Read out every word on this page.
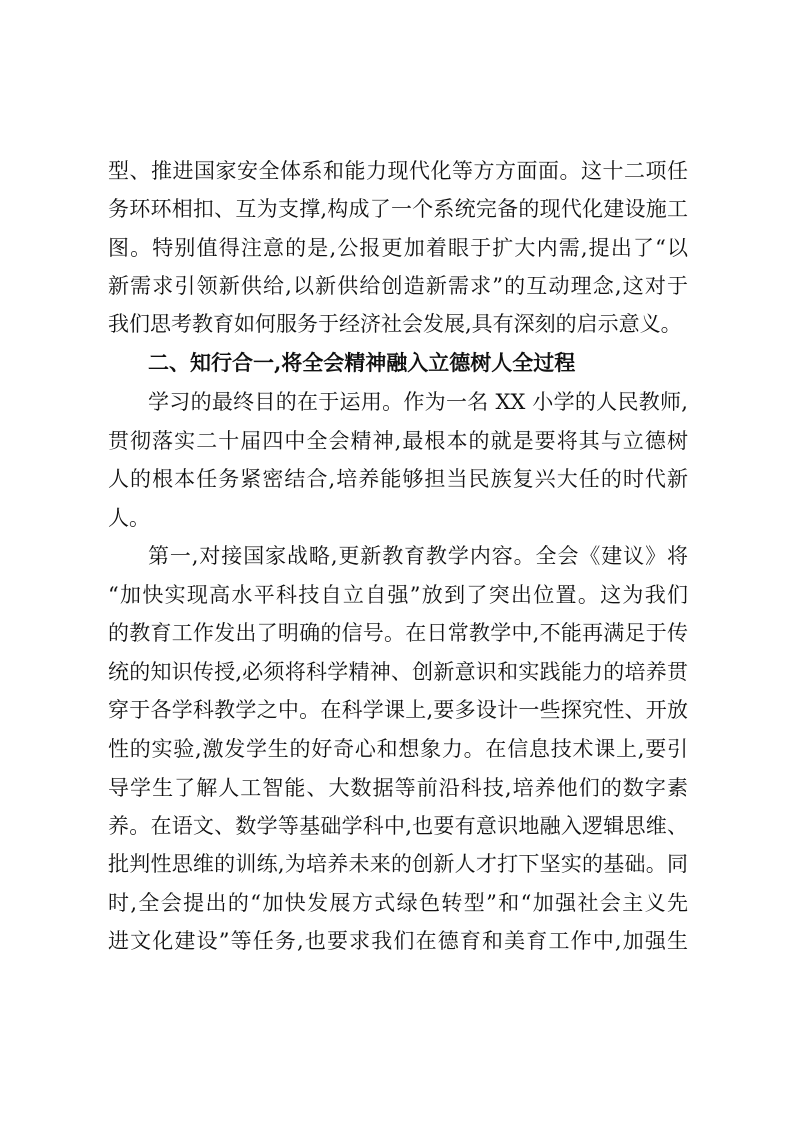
型、推进国家安全体系和能力现代化等方方面面。这十二项任
务环环相扣、互为支撑,构成了一个系统完备的现代化建设施工
图。特别值得注意的是,公报更加着眼于扩大内需,提出了“以
新需求引领新供给,以新供给创造新需求”的互动理念,这对于
我们思考教育如何服务于经济社会发展,具有深刻的启示意义。
二、知行合一,将全会精神融入立德树人全过程
学习的最终目的在于运用。作为一名 XX 小学的人民教师,
贯彻落实二十届四中全会精神,最根本的就是要将其与立德树
人的根本任务紧密结合,培养能够担当民族复兴大任的时代新
人。
第一,对接国家战略,更新教育教学内容。全会《建议》将
“加快实现高水平科技自立自强”放到了突出位置。这为我们
的教育工作发出了明确的信号。在日常教学中,不能再满足于传
统的知识传授,必须将科学精神、创新意识和实践能力的培养贯
穿于各学科教学之中。在科学课上,要多设计一些探究性、开放
性的实验,激发学生的好奇心和想象力。在信息技术课上,要引
导学生了解人工智能、大数据等前沿科技,培养他们的数字素
养。在语文、数学等基础学科中,也要有意识地融入逻辑思维、
批判性思维的训练,为培养未来的创新人才打下坚实的基础。同
时,全会提出的“加快发展方式绿色转型”和“加强社会主义先
进文化建设”等任务,也要求我们在德育和美育工作中,加强生
